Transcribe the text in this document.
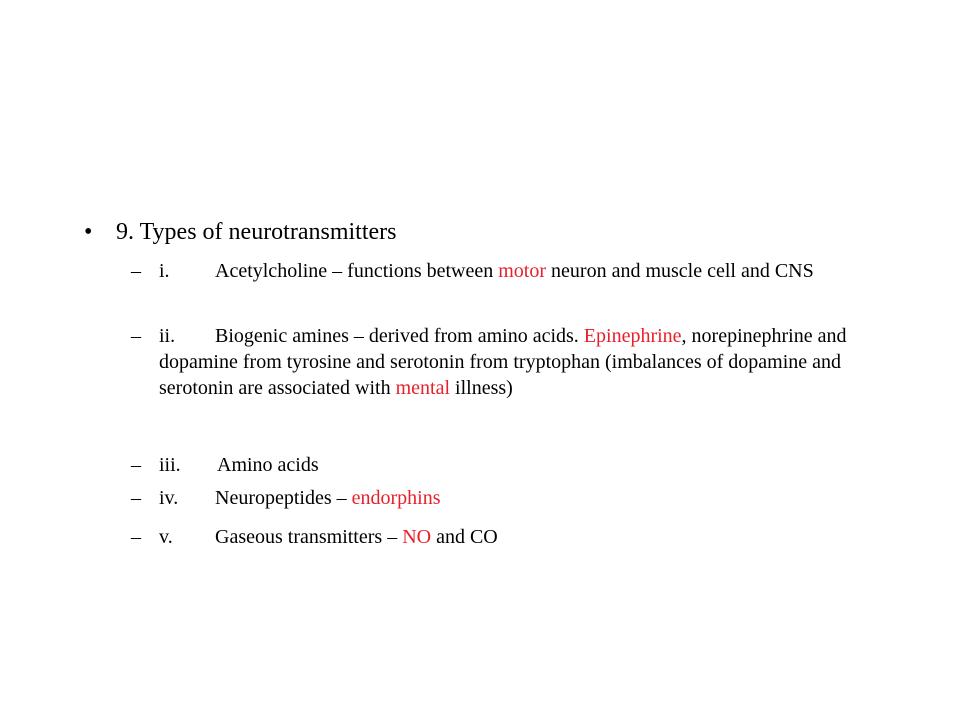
• 9. Types of neurotransmitters
– i. Acetylcholine – functions between motor neuron and muscle cell and CNS
– ii. Biogenic amines – derived from amino acids. Epinephrine, norepinephrine and dopamine from tyrosine and serotonin from tryptophan (imbalances of dopamine and serotonin are associated with mental illness)
– iii. Amino acids
– iv. Neuropeptides – endorphins
– v. Gaseous transmitters – NO and CO
